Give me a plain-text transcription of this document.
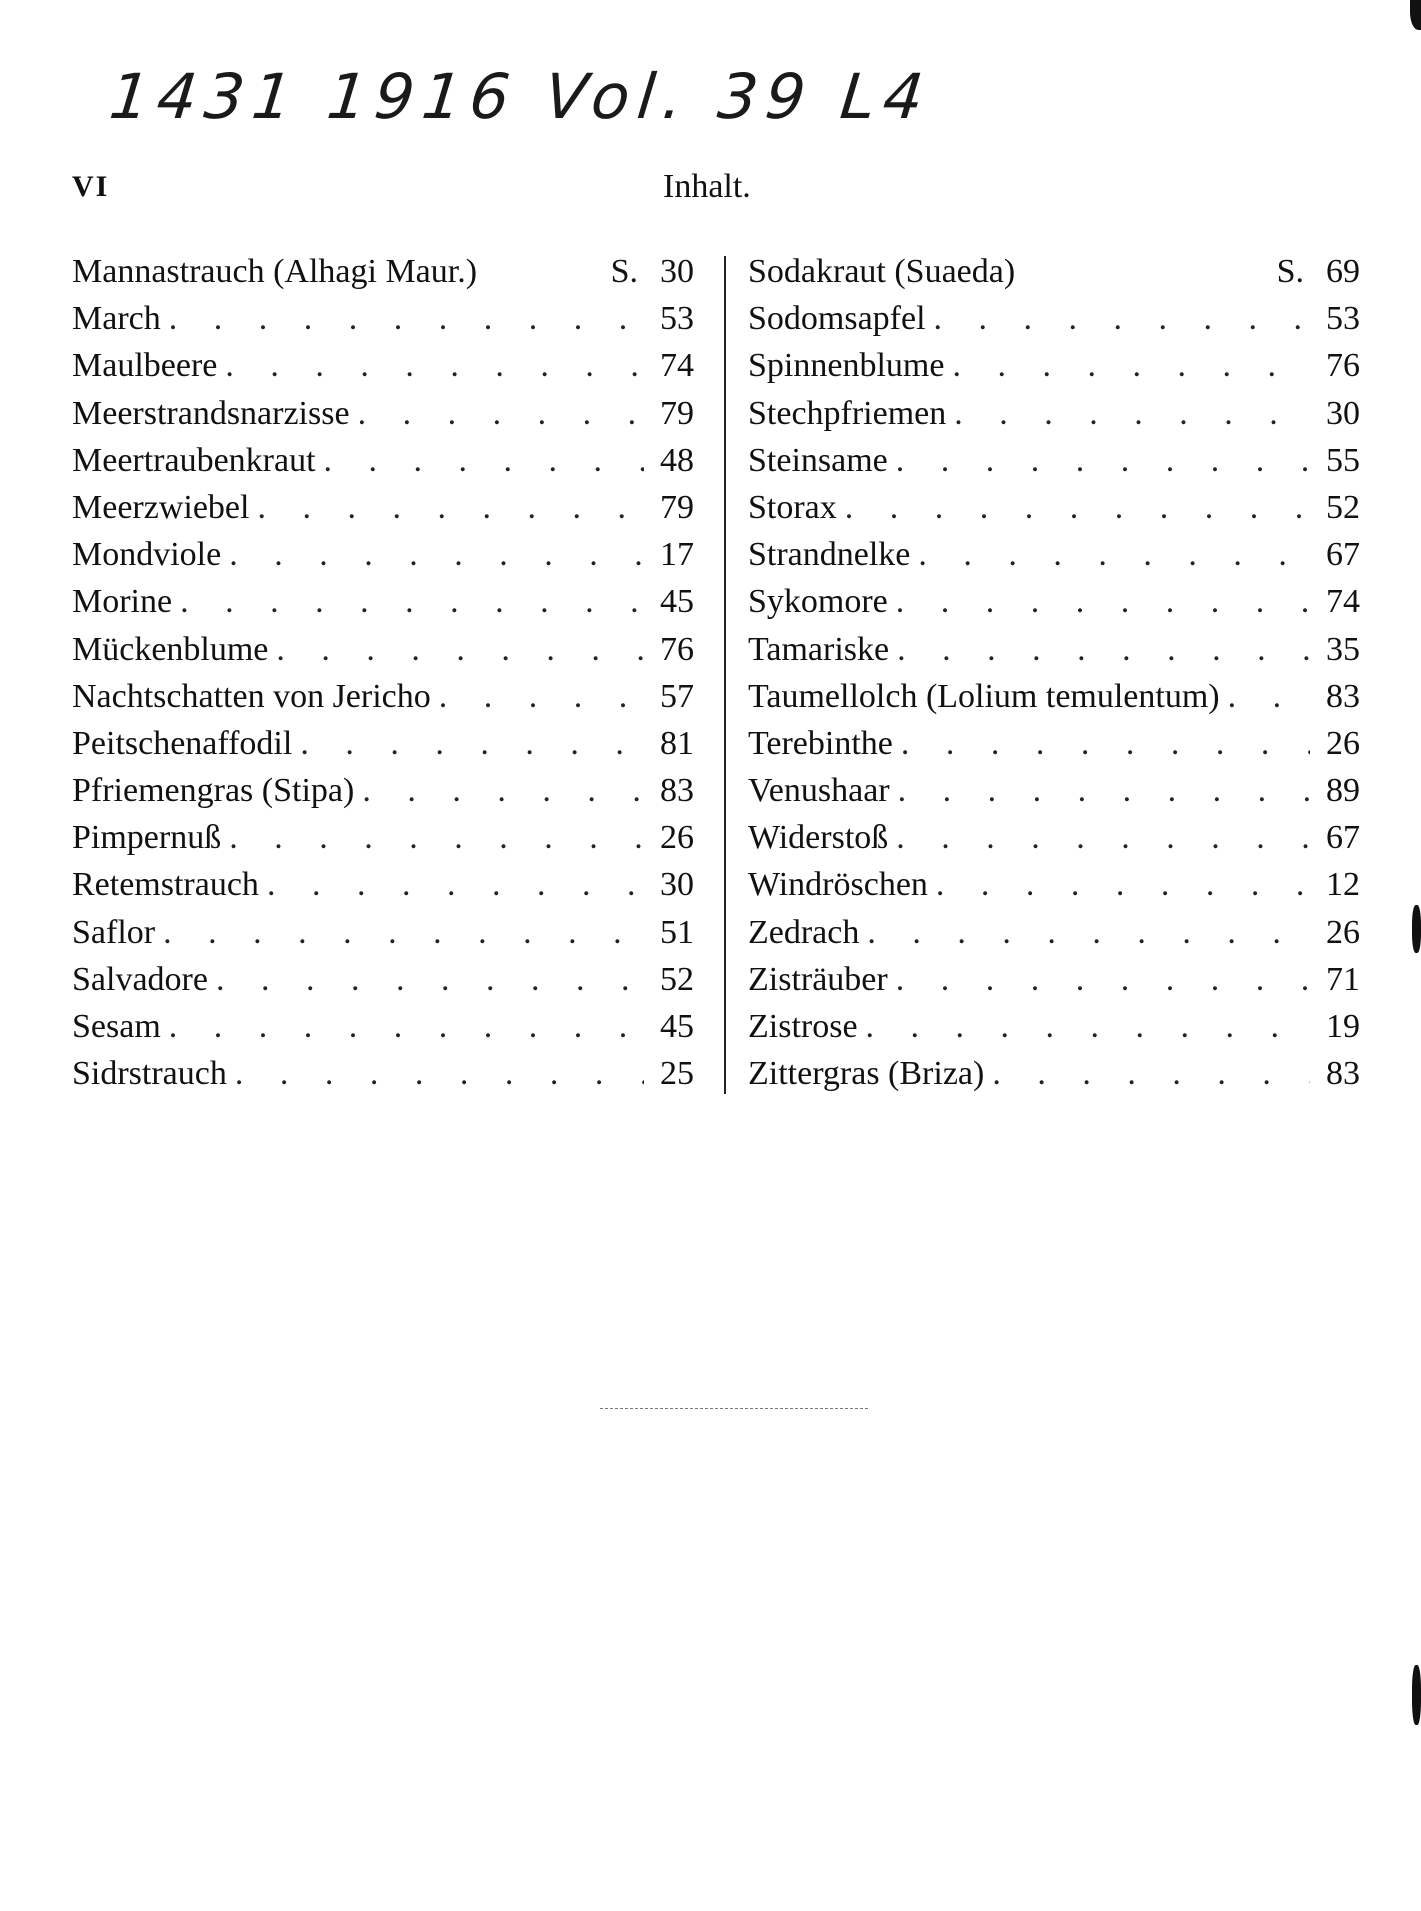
1431 1916 Vol. 39 L4
VI	Inhalt.
Mannastrauch (Alhagi Maur.)	S. 30
March . . .	53
Maulbeere . . .	74
Meerstrandsnarzisse . . .	79
Meertraubenkraut . . .	48
Meerzwiebel . . .	79
Mondviole . . .	17
Morine . . .	45
Mückenblume . . .	76
Nachtschatten von Jericho . . .	57
Peitschenaffodil . . .	81
Pfriemengras (Stipa) . . .	83
Pimpernuß . . .	26
Retemstrauch . . .	30
Saflor . . .	51
Salvadore . . .	52
Sesam . . .	45
Sidrstrauch . . .	25
Sodakraut (Suaeda)	S. 69
Sodomsapfel . . .	53
Spinnenblume . . .	76
Stechpfriemen . . .	30
Steinsame . . .	55
Storax . . .	52
Strandnelke . . .	67
Sykomore . . .	74
Tamariske . . .	35
Taumellolch (Lolium temulentum) . . .	83
Terebinthe . . .	26
Venushaar . . .	89
Widerstoß . . .	67
Windröschen . . .	12
Zedrach . . .	26
Zisträuber . . .	71
Zistrose . . .	19
Zittergras (Briza) . . .	83
